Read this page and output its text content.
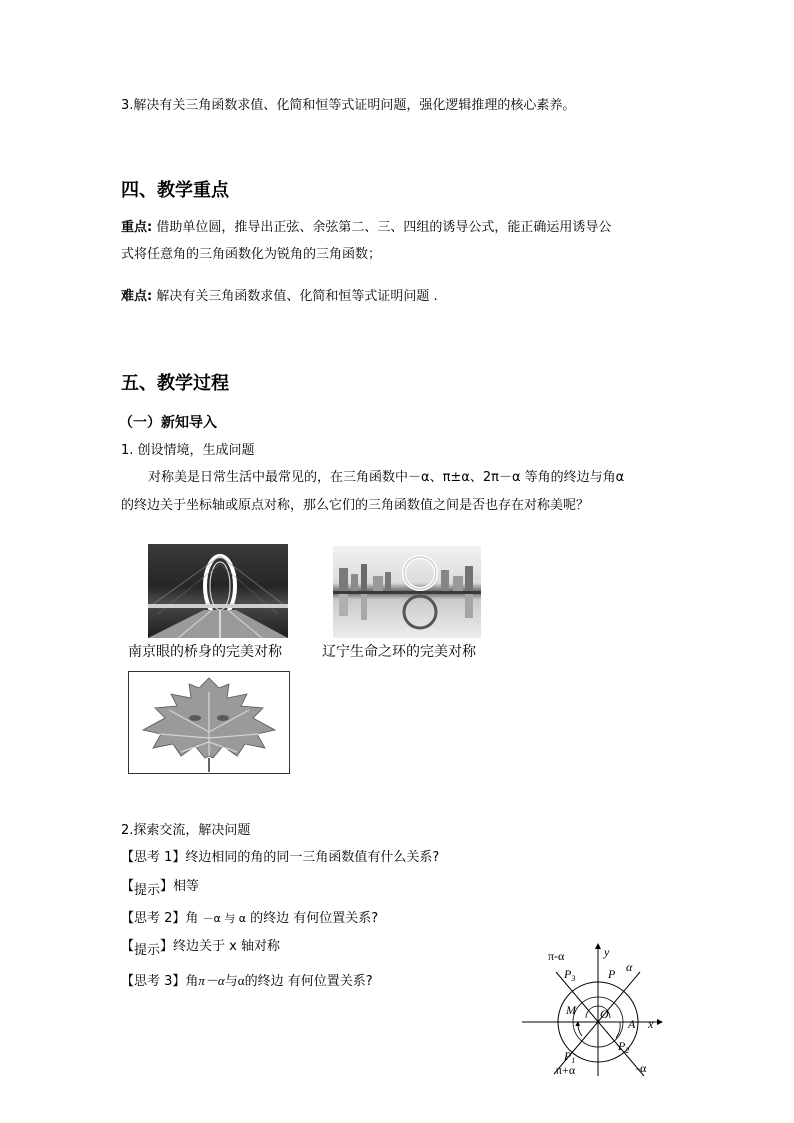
3.解决有关三角函数求值、化简和恒等式证明问题，强化逻辑推理的核心素养。
四、教学重点
重点: 借助单位圆，推导出正弦、余弦第二、三、四组的诱导公式，能正确运用诱导公
式将任意角的三角函数化为锐角的三角函数；
难点: 解决有关三角函数求值、化简和恒等式证明问题 .
五、教学过程
（一）新知导入
1. 创设情境，生成问题
对称美是日常生活中最常见的，在三角函数中－α、π±α、2π－α 等角的终边与角α
的终边关于坐标轴或原点对称，那么它们的三角函数值之间是否也存在对称美呢？
南京眼的桥身的完美对称	辽宁生命之环的完美对称
2.探索交流，解决问题
【思考 1】终边相同的角的同一三角函数值有什么关系?
【提示】相等
【思考 2】角 －α 与 α 的终边 有何位置关系?
【提示】终边关于 x 轴对称
【思考 3】角π－α与α的终边 有何位置关系?
π-α	y
α
P
$P_3$
M O
A x
$P_1$
$P_2$
π+α	-α
